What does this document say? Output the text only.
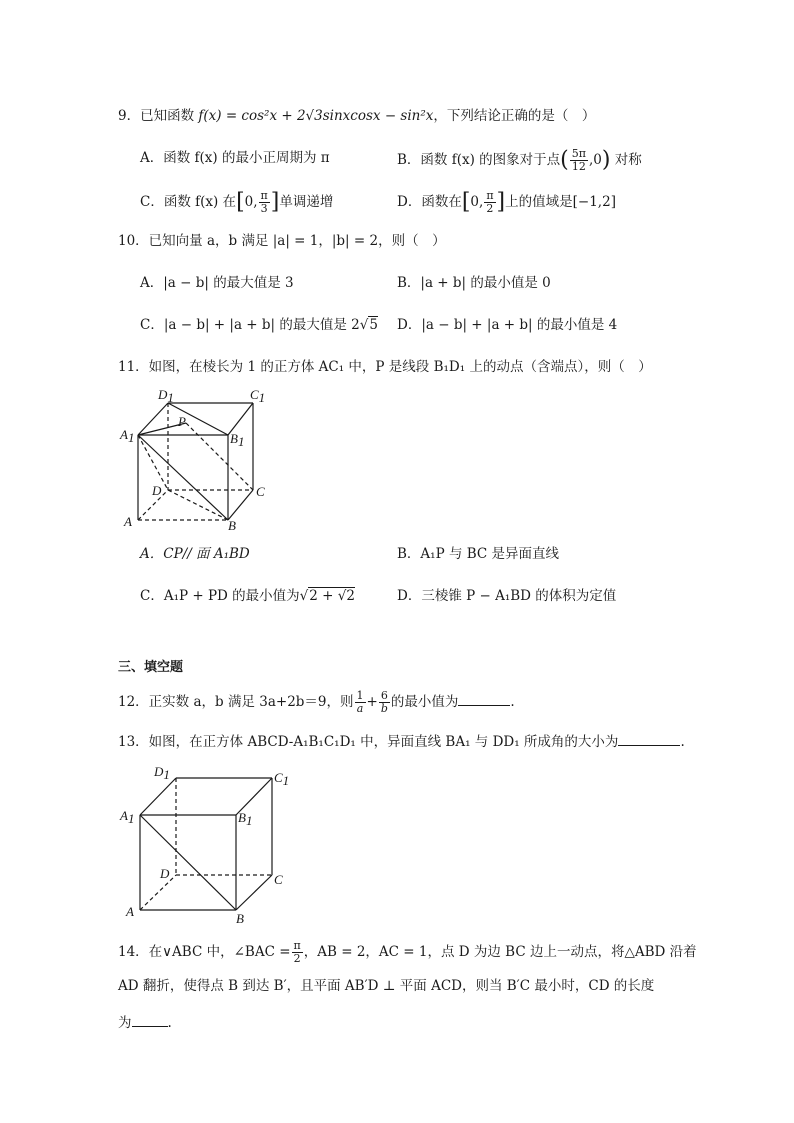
9．已知函数 f(x) = cos²x + 2√3sinxcosx − sin²x，下列结论正确的是（　）
A．函数 f(x) 的最小正周期为 π	B．函数 f(x) 的图象对于点( $\frac{5\pi}{12} ,0$) 对称
C．函数 f(x) 在[0, $\frac{\pi}{3}$ ]单调递增	D．函数在[0, $\frac{\pi}{2}$ ]上的值域是[−1,2]
10．已知向量 a，b 满足 |a| = 1，|b| = 2，则（　）
A．|a − b| 的最大值是 3	B．|a + b| 的最小值是 0
C．|a − b| + |a + b| 的最大值是 2√5 D．|a − b| + |a + b| 的最小值是 4
11．如图，在棱长为 1 的正方体 AC₁ 中，P 是线段 B₁D₁ 上的动点（含端点），则（　）
D1	C1
A1	B1
P
D	C
A	B
A．CP// 面 A₁BD	B．A₁P 与 BC 是异面直线
C．A₁P + PD 的最小值为√2 + √2	D．三棱锥 P − A₁BD 的体积为定值
三、填空题
12．正实数 a，b 满足 3a+2b＝9，则 $\frac{1}{a} + \frac{6}{b}$ 的最小值为	.
13．如图，在正方体 ABCD-A₁B₁C₁D₁ 中，异面直线 BA₁ 与 DD₁ 所成角的大小为	.
D1	C1
A1	B1
D	C
A	B
14．在∨ABC 中，∠BAC = $\frac{\pi}{2}$ ，AB = 2，AC = 1，点 D 为边 BC 边上一动点，将△ABD 沿着
AD 翻折，使得点 B 到达 B′，且平面 AB′D ⊥ 平面 ACD，则当 B′C 最小时，CD 的长度
为	.
